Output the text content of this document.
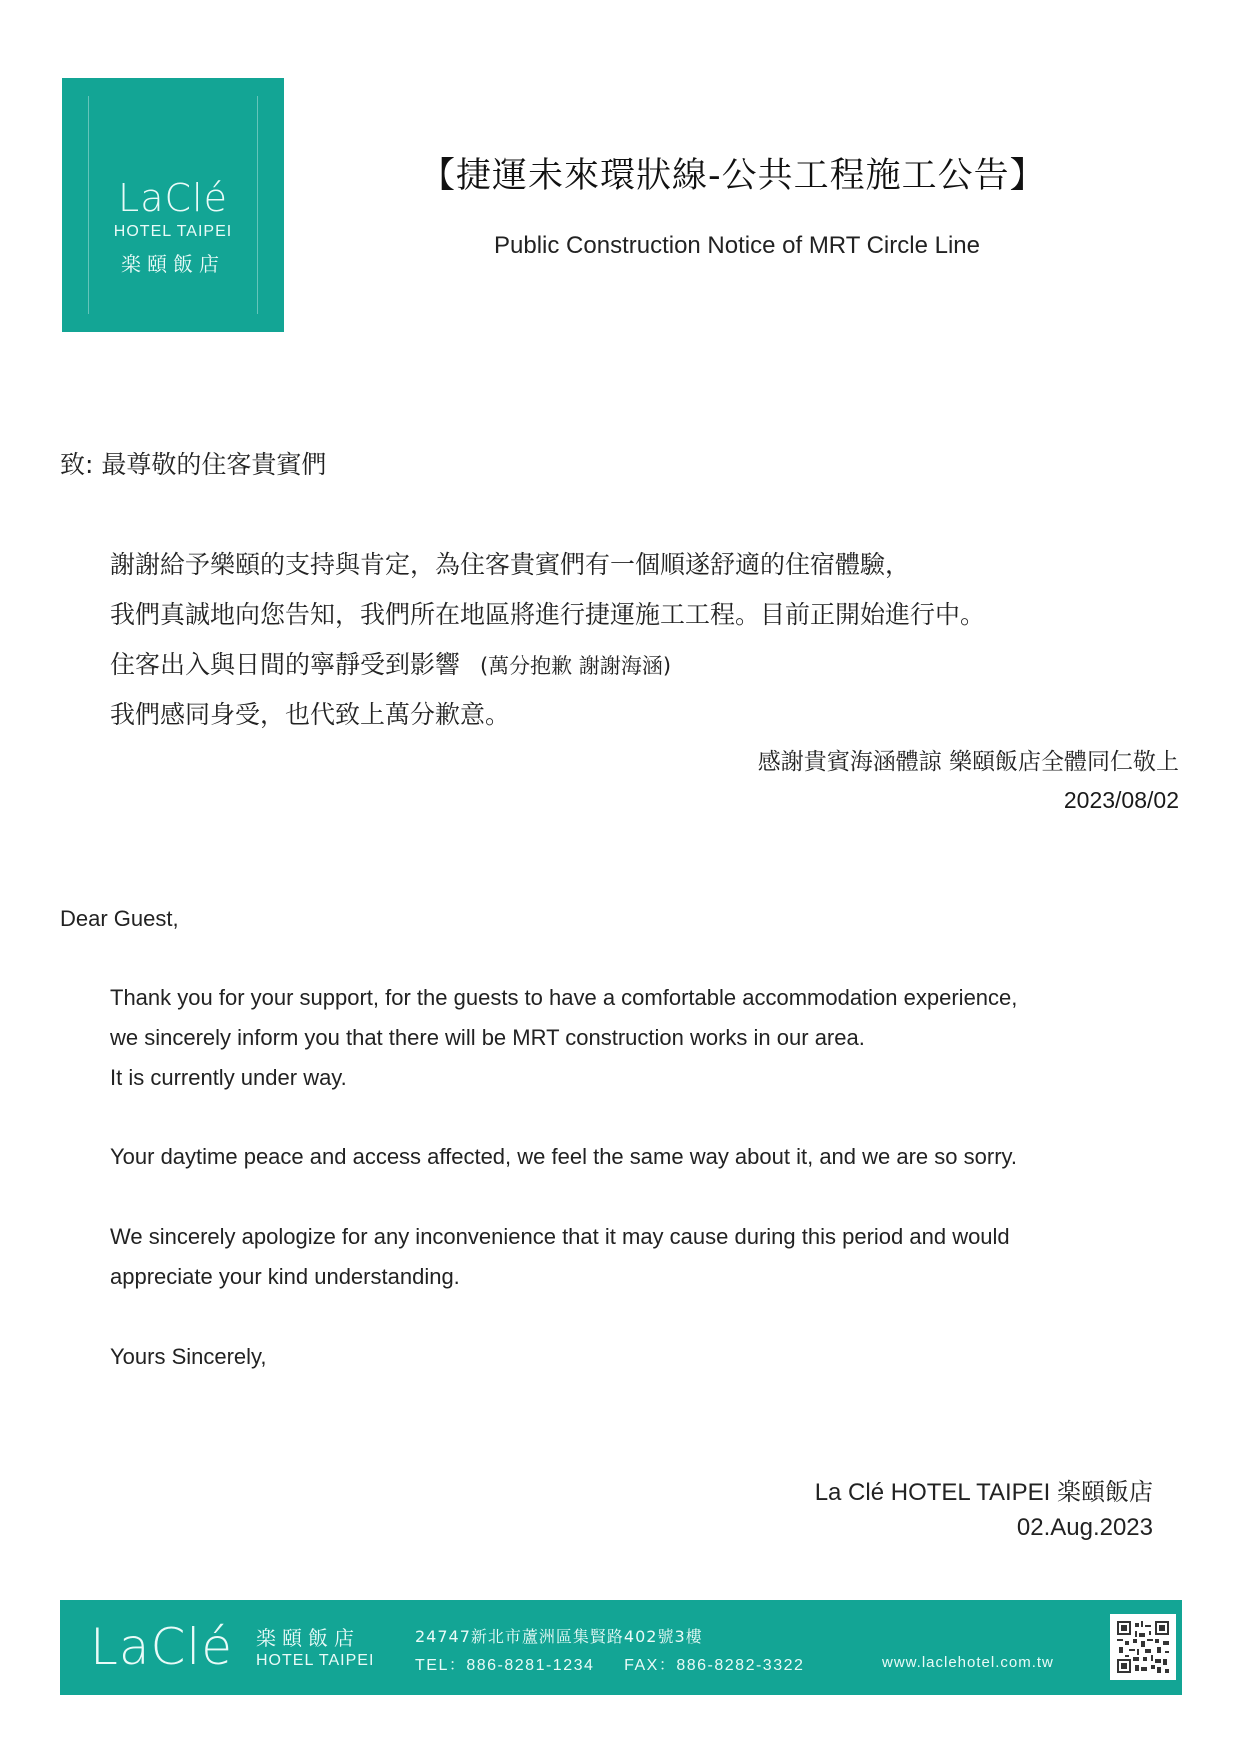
LaClé
HOTEL TAIPEI
楽頤飯店
【捷運未來環狀線-公共工程施工公告】
Public Construction Notice of MRT Circle Line
致: 最尊敬的住客貴賓們
謝謝給予樂頤的支持與肯定，為住客貴賓們有一個順遂舒適的住宿體驗，
我們真誠地向您告知，我們所在地區將進行捷運施工工程。目前正開始進行中。
住客出入與日間的寧靜受到影響 (萬分抱歉 謝謝海涵)
我們感同身受，也代致上萬分歉意。
感謝貴賓海涵體諒 樂頤飯店全體同仁敬上
2023/08/02
Dear Guest,
Thank you for your support, for the guests to have a comfortable accommodation experience,
we sincerely inform you that there will be MRT construction works in our area.
It is currently under way.
Your daytime peace and access affected, we feel the same way about it, and we are so sorry.
We sincerely apologize for any inconvenience that it may cause during this period and would
appreciate your kind understanding.
Yours Sincerely,
La Clé HOTEL TAIPEI 楽頤飯店
02.Aug.2023
LaClé 楽頤飯店
HOTEL TAIPEI
24747新北市蘆洲區集賢路402號3樓
TEL：886-8281-1234     FAX：886-8282-3322	www.laclehotel.com.tw
